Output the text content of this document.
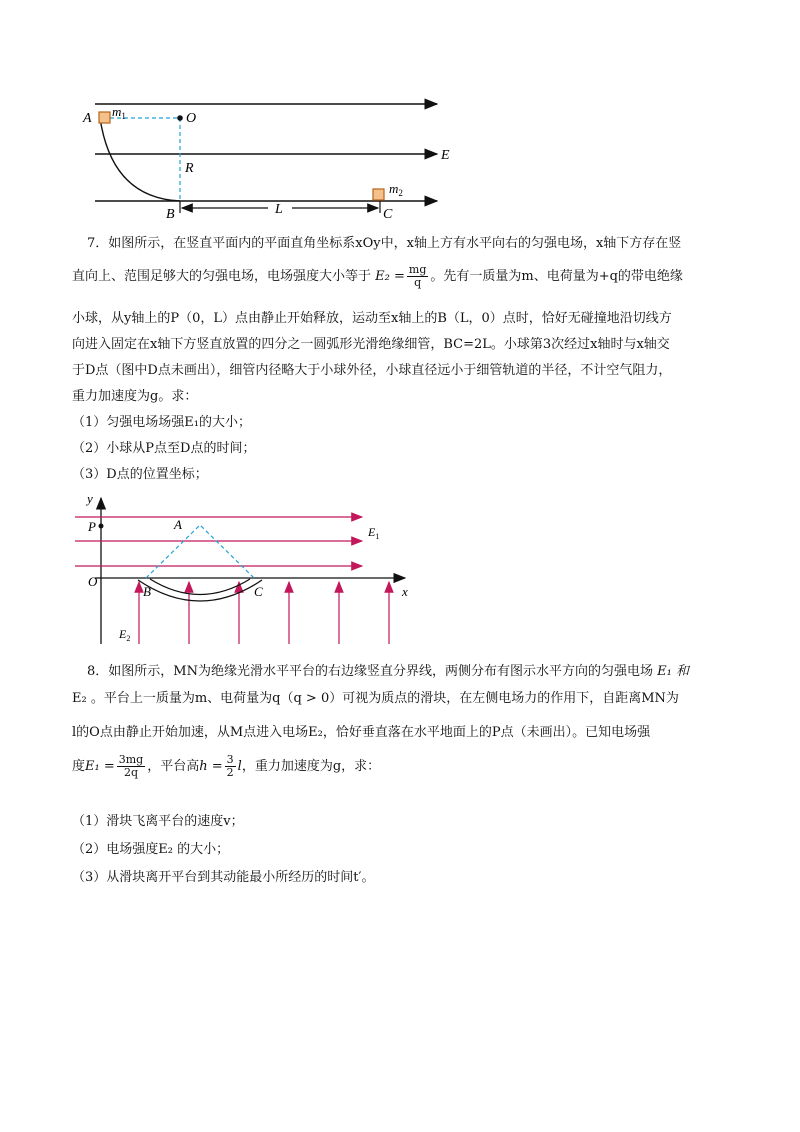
A $m_1$	O
E
R
B	L
$m_2$
C
7．如图所示，在竖直平面内的平面直角坐标系xOy中，x轴上方有水平向右的匀强电场，x轴下方存在竖
直向上、范围足够大的匀强电场，电场强度大小等于 $E_2 = \frac{mg}{q}$ 。先有一质量为m、电荷量为+q的带电绝缘
小球，从y轴上的P（0，L）点由静止开始释放，运动至x轴上的B（L，0）点时，恰好无碰撞地沿切线方
向进入固定在x轴下方竖直放置的四分之一圆弧形光滑绝缘细管，BC=2L。小球第3次经过x轴时与x轴交
于D点（图中D点未画出），细管内径略大于小球外径，小球直径远小于细管轨道的半径，不计空气阻力，
重力加速度为g。求：
（1）匀强电场场强E₁的大小；
（2）小球从P点至D点的时间；
（3）D点的位置坐标；
y
P	A	$E_1$
O
x
B	C
$E_2$
8．如图所示，MN为绝缘光滑水平平台的右边缘竖直分界线，两侧分布有图示水平方向的匀强电场 E₁ 和
E₂ 。平台上一质量为m、电荷量为q（q > 0）可视为质点的滑块，在左侧电场力的作用下，自距离MN为
l的O点由静止开始加速，从M点进入电场E₂，恰好垂直落在水平地面上的P点（未画出）。已知电场强
度$E_1 = \frac{3mg}{2q}$ ，平台高$h = \frac{3}{2}$ l，重力加速度为g，求：
（1）滑块飞离平台的速度v；
（2）电场强度E₂ 的大小；
（3）从滑块离开平台到其动能最小所经历的时间t′。
